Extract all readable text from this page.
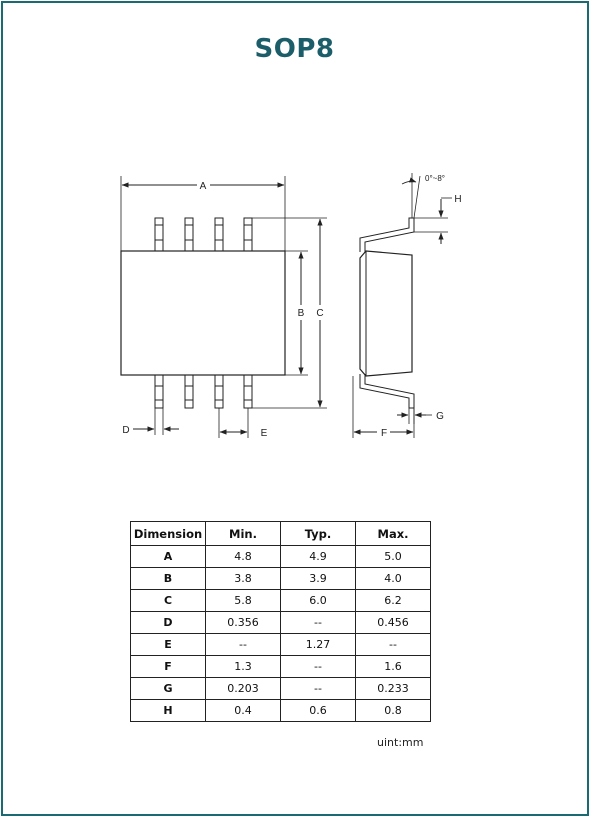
SOP8
A
B C
D	E	F
G
H
0°~8°
Dimension	Min.	Typ.	Max.
A	4.8	4.9	5.0
B	3.8	3.9	4.0
C	5.8	6.0	6.2
D	0.356	--	0.456
E	--	1.27	--
F	1.3	--	1.6
G	0.203	--	0.233
H	0.4	0.6	0.8
uint:mm
